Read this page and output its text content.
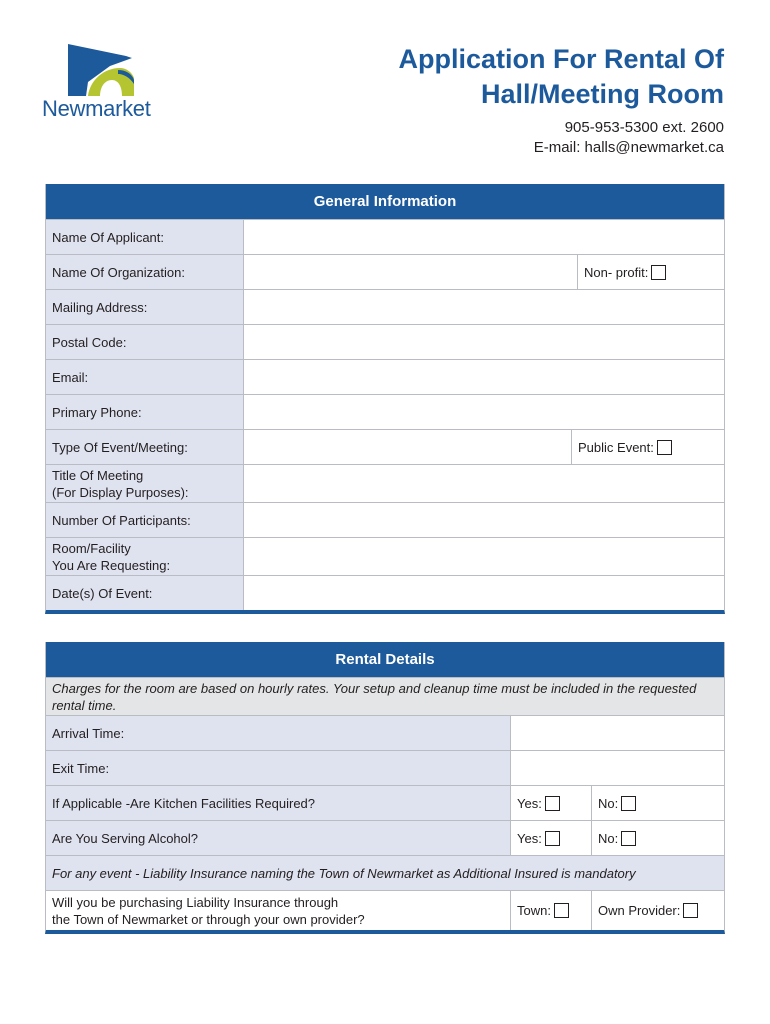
Newmarket
Application For Rental Of
Hall/Meeting Room
905-953-5300 ext. 2600
E-mail: halls@newmarket.ca
General Information
Name Of Applicant:
Name Of Organization:	Non- profit:
Mailing Address:
Postal Code:
Email:
Primary Phone:
Type Of Event/Meeting:	Public Event:
Title Of Meeting
(For Display Purposes):
Number Of Participants:
Room/Facility
You Are Requesting:
Date(s) Of Event:
Rental Details
Charges for the room are based on hourly rates. Your setup and cleanup time must be included in the requested rental time.
Arrival Time:
Exit Time:
If Applicable -Are Kitchen Facilities Required?	Yes:	No:
Are You Serving Alcohol?	Yes:	No:
For any event - Liability Insurance naming the Town of Newmarket as Additional Insured is mandatory
Will you be purchasing Liability Insurance through
the Town of Newmarket or through your own provider?
Town:	Own Provider:
